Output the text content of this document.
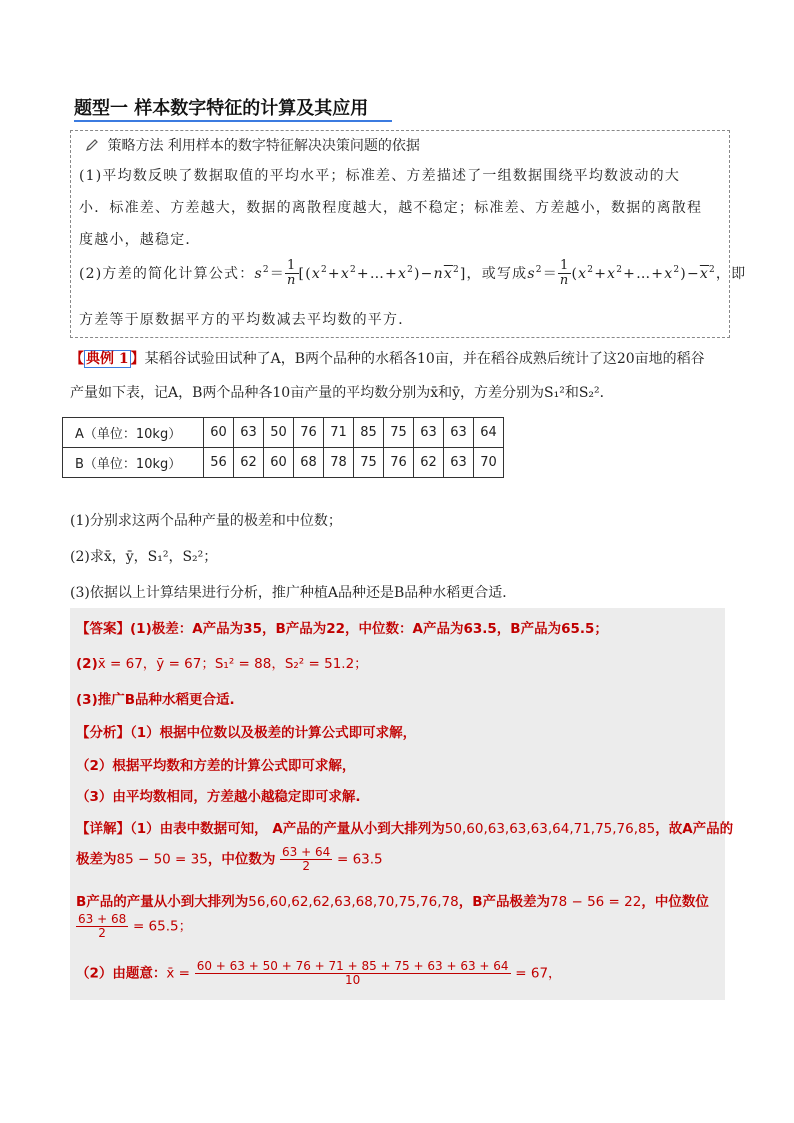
题型一 样本数字特征的计算及其应用
策略方法 利用样本的数字特征解决决策问题的依据
(1)平均数反映了数据取值的平均水平；标准差、方差描述了一组数据围绕平均数波动的大
小．标准差、方差越大，数据的离散程度越大，越不稳定；标准差、方差越小，数据的离散程
度越小，越稳定．
(2)方差的简化计算公式：$s^2= \frac{1}{n}$ $[(x^2+x^2+\dots+x^2)-n\overline{x}^2]$，或写成$s^2= \frac{1}{n}$ $(x^2+x^2+\dots+x^2)-\overline{x}^2$，即
方差等于原数据平方的平均数减去平均数的平方．
【 典例 1 】某稻谷试验田试种了A，B两个品种的水稻各10亩，并在稻谷成熟后统计了这20亩地的稻谷
产量如下表，记A，B两个品种各10亩产量的平均数分别为x̄和ȳ，方差分别为S₁²和S₂²．
A（单位：10kg）	60	63	50	76	71	85	75	63	63	64
B（单位：10kg）	56	62	60	68	78	75	76	62	63	70
(1)分别求这两个品种产量的极差和中位数；
(2)求x̄，ȳ，S₁²，S₂²；
(3)依据以上计算结果进行分析，推广种植A品种还是B品种水稻更合适．
【答案】(1)极差：A产品为35，B产品为22，中位数：A产品为63.5，B产品为65.5；
(2)x̄ = 67，ȳ = 67；S₁² = 88，S₂² = 51.2；
(3)推广B品种水稻更合适.
【分析】（1）根据中位数以及极差的计算公式即可求解，
（2）根据平均数和方差的计算公式即可求解，
（3）由平均数相同，方差越小越稳定即可求解.
【详解】（1）由表中数据可知， A产品的产量从小到大排列为50,60,63,63,63,64,71,75,76,85，故A产品的
极差为85 − 50 = 35，中位数为 $\frac{63 + 64}{2} = 63.5$
B产品的产量从小到大排列为56,60,62,62,63,68,70,75,76,78，B产品极差为78 − 56 = 22，中位数位
$\frac{63 + 68}{2} = 65.5$；
（2）由题意：x̄ = $\frac{60 + 63 + 50 + 76 + 71 + 85 + 75 + 63 + 63 + 64}{10} = 67$，
